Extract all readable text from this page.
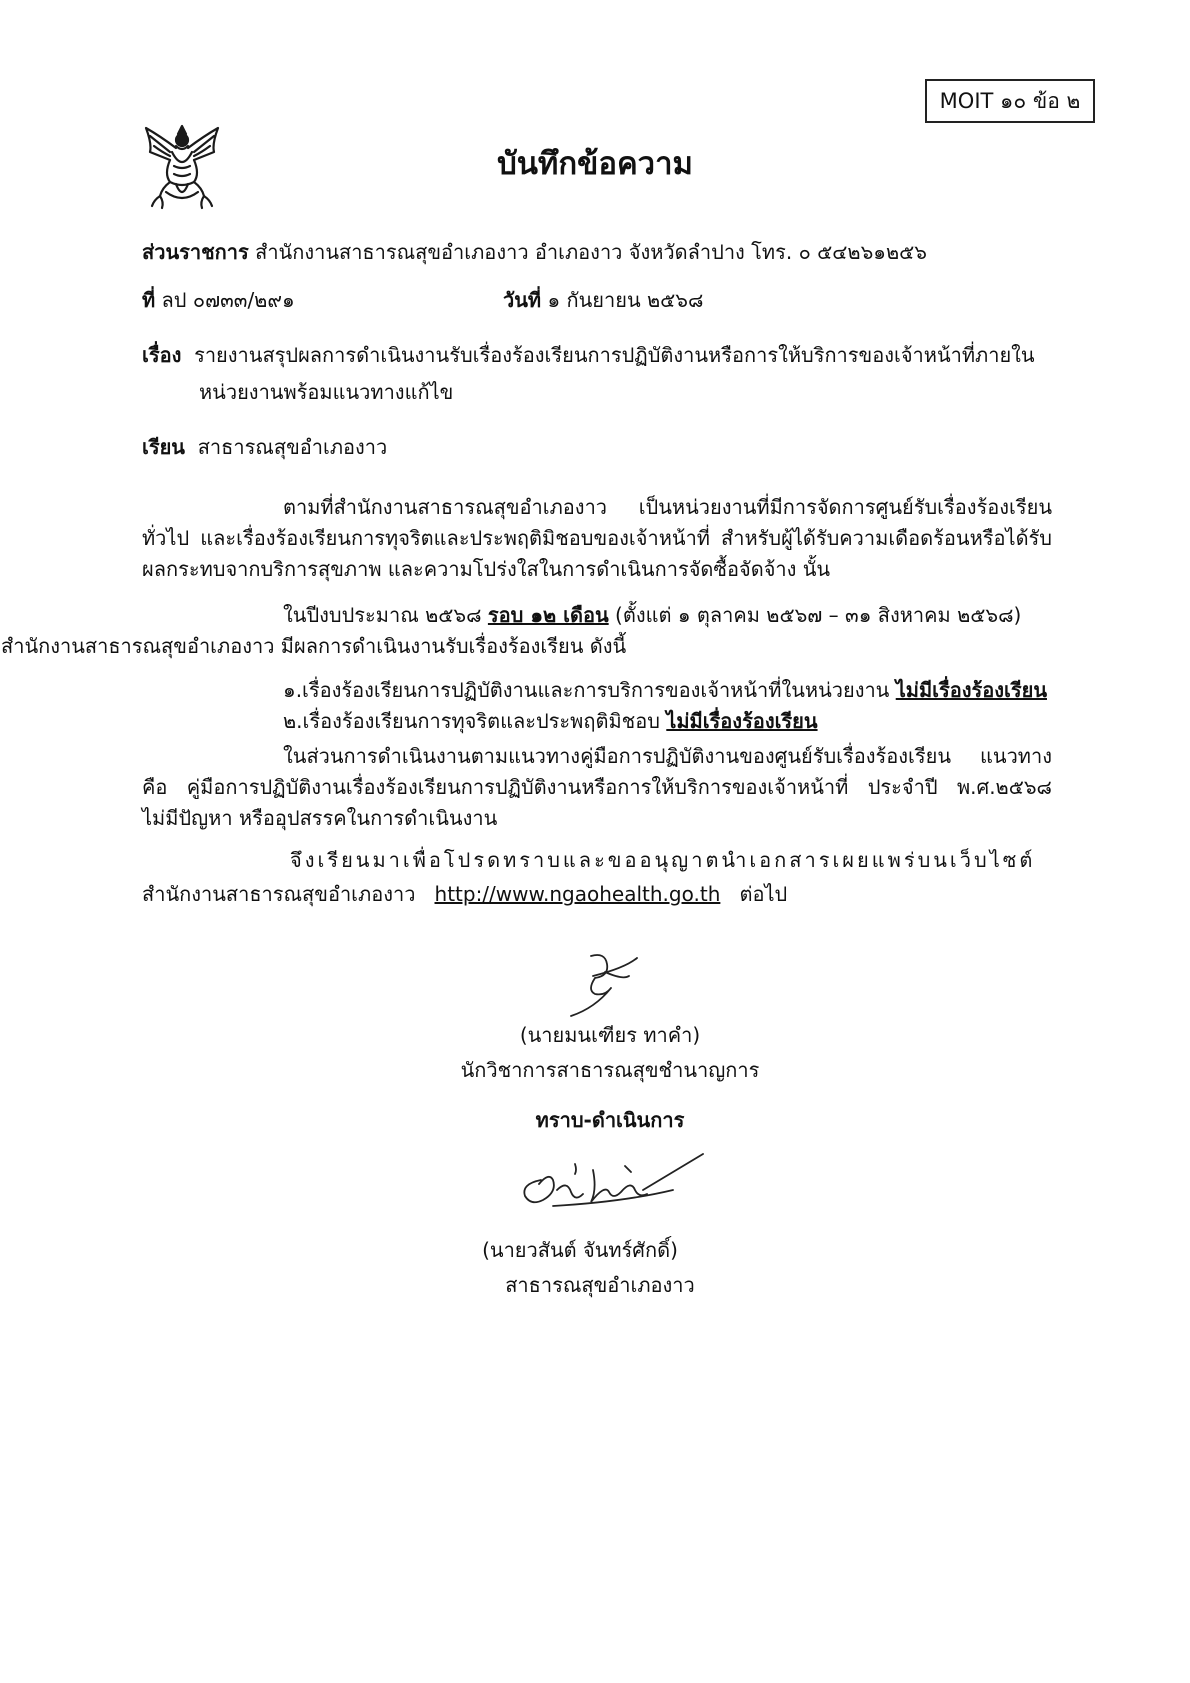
MOIT ๑๐ ข้อ ๒
บันทึกข้อความ
ส่วนราชการ สำนักงานสาธารณสุขอำเภองาว อำเภองาว จังหวัดลำปาง โทร. ๐ ๕๔๒๖๑๒๕๖
ที่ ลป ๐๗๓๓/๒๙๑	วันที่ ๑ กันยายน ๒๕๖๘
เรื่อง รายงานสรุปผลการดำเนินงานรับเรื่องร้องเรียนการปฏิบัติงานหรือการให้บริการของเจ้าหน้าที่ภายใน
หน่วยงานพร้อมแนวทางแก้ไข
เรียน สาธารณสุขอำเภองาว
ตามที่สำนักงานสาธารณสุขอำเภองาว เป็นหน่วยงานที่มีการจัดการศูนย์รับเรื่องร้องเรียนทั่วไป และเรื่องร้องเรียนการทุจริตและประพฤติมิชอบของเจ้าหน้าที่ สำหรับผู้ได้รับความเดือดร้อนหรือได้รับผลกระทบจากบริการสุขภาพ และความโปร่งใสในการดำเนินการจัดซื้อจัดจ้าง นั้น
ในปีงบประมาณ ๒๕๖๘ รอบ ๑๒ เดือน (ตั้งแต่ ๑ ตุลาคม ๒๕๖๗ – ๓๑ สิงหาคม ๒๕๖๘)
สำนักงานสาธารณสุขอำเภองาว มีผลการดำเนินงานรับเรื่องร้องเรียน ดังนี้
๑.เรื่องร้องเรียนการปฏิบัติงานและการบริการของเจ้าหน้าที่ในหน่วยงาน ไม่มีเรื่องร้องเรียน
๒.เรื่องร้องเรียนการทุจริตและประพฤติมิชอบ ไม่มีเรื่องร้องเรียน
ในส่วนการดำเนินงานตามแนวทางคู่มือการปฏิบัติงานของศูนย์รับเรื่องร้องเรียน แนวทางคือ คู่มือการปฏิบัติงานเรื่องร้องเรียนการปฏิบัติงานหรือการให้บริการของเจ้าหน้าที่ ประจำปี พ.ศ.๒๕๖๘ ไม่มีปัญหา หรืออุปสรรคในการดำเนินงาน
จึงเรียนมาเพื่อโปรดทราบและขออนุญาตนำเอกสารเผยแพร่บนเว็บไซต์
สำนักงานสาธารณสุขอำเภองาว http://www.ngaohealth.go.th ต่อไป
(นายมนเฑียร ทาคำ)
นักวิชาการสาธารณสุขชำนาญการ
ทราบ-ดำเนินการ
(นายวสันต์ จันทร์ศักดิ์)
สาธารณสุขอำเภองาว
